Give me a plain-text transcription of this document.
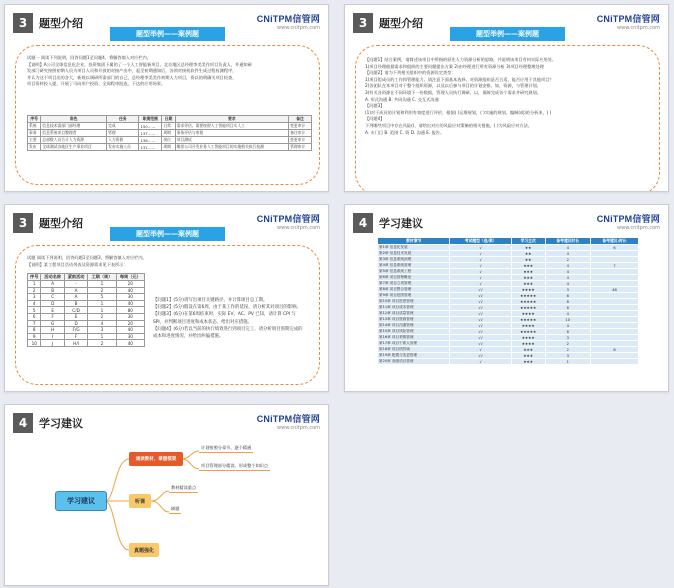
3	题型介绍	CNiTPM信管网
www.cnitpm.com
题型举例——案例题
试题一 阅读下列说明，回答问题1至问题4，将解答填入对应栏内。
【说明】A公司全球信息化企业，投资集团下属的了一个人工智能新项目，北京地区总经理李美美作项目负责人，并通知研
发部门研究按照初期人员为项目人员和开放的对接产出中，起至初期通知后，各领对接机软件生成过程检测程序，
并认为这不项目出的各大，新规以调研所需部门的自己，总经理李美美作初期人力项目，资以的明确关项目检查，
项目资料投入提，开展了可向用户投资、全周程审批选，下达的应用场景。
序号	角色	任务	职责范围	日期	要求	备注
系统	信息技术需部门部经理	完成	150……	日常	需求评估，需要按照人工智能项目实人工	变更审计
事务	信息系统项目整理者	管理	137……	周期	事务评估与审批	备注审计
主要	总部数人员合计人力资源	人力资源	138……	岗位	项目测试	变更审计
发布	全球测试各地区生产事业项目	发布实施人员	131……	周期	哪里公司开发业务人工智能项目的实施相关执行检测	管理审计
3	题型介绍	CNiTPM信管网
www.cnitpm.com
题型举例——案例题
【问题1】结合案例，请简述该项目中所指的原先人力资源分析的思路，并说明该项目有何实际应用处。
1)项目经理根据需求和组织的主要问题提出方案 2)由经理进行所有资源分析 3)项目经理整理处理
【问题2】请为下列相关组织中的资源设定类型：
1)项目组成员的工作和管理能力。请注意下面基本选择，对资源组织是否合适，能否应用于其他项目？
2)各团队在本项目对于整个组织资源，以及以后参与项目的计划安排。如，资源，与管理计划。
3)有关各资源在不同环境下一份数据，管理人员执行调研，以，保障完成各个需求并研究规划。
A. 形式沟通 B. 共同沟通 C. 交互式沟通
【问题3】
(1)对于成员的计划和利用有效度进行评价，根据( )运维规划，( )实施的规划，编制(或)的分析来，( )
【问题4】
下列哪些项目中存在风险()、请给出对应的风险应对策略的相关措施，( )为风险应对方法。
A. 专门目 B. 范围 C. 资 D. 沟通 E. 报告。
3	题型介绍	CNiTPM信管网
www.cnitpm.com
题型举例——案例题
试题 阅读下列说明，回答问题1至问题3，将解答填入对应栏内。
【说明】某工程项目活动列表及资源需求见下表所示：
序号	活动名称	紧前活动	工期（周）	每周（元）
1	A	-	1	20
2	B	A	2	40
3	C	A	5	30
4	D	B	1	40
5	E	C/D	1	80
6	F	E	2	30
7	G	D	4	20
8	H	F/G	3	40
9	I	F	1	30
10	J	H/I	2	40
【问题1】(5分)请写出项目关键路径，并计算项目总工期。
【问题2】(5分)假设在第6周，由于某工作的延误，请分析其对项目的影响。
【问题3】(6分)在第6周结束时，实际 EV、AC、PV 已知，请计算 CPI 与 SPI，并判断项目进度和成本状态，给出对应措施。
【问题4】(6分)若以当前的执行绩效进行到项目完工，请分析项目预期完成的成本和进度情况，并给出纠偏措施。
4	学习建议	CNiTPM信管网
www.cnitpm.com
教材章节	考试题型（选/案）	学习主次	备考建议时长	备考建议/时长
第1章 信息化发展	√	★★	4	6
第2章 信息技术发展	√	★★	4	
第3章 信息系统治理	√	★★	2	
第4章 信息系统管理	√	★★★	4	7
第5章 信息系统工程	√	★★★	4	
第6章 项目管理概论	√	★★★	4	
第7章 项目立项管理	√	★★★	4	
第8章 项目整合管理	√√	★★★★	3	48
第9章 项目范围管理	√√	★★★★★	6	
第10章 项目进度管理	√√	★★★★★	8	
第11章 项目成本管理	√√	★★★★★	6	
第12章 项目质量管理	√√	★★★★	4	
第13章 项目资源管理	√√	★★★★★	10	
第14章 项目沟通管理	√√	★★★★	4	
第15章 项目风险管理	√√	★★★★★	6	
第16章 项目采购管理	√√	★★★★	3	
第17章 项目干系人管理	√√	★★★★	2	
第18章 项目绩效域	√	★★★	2	8
第19章 配置与变更管理	√√	★★★	3	
第20章 高级项目管理	√	★★★	1	
4	学习建议	CNiTPM信管网
www.cnitpm.com
学习建议
通读教材、掌握框架
计划按照分章节，逐个精通
项目管理部分精读，形成整个知识点
听课
教材精读重点
刷题
真题强化
